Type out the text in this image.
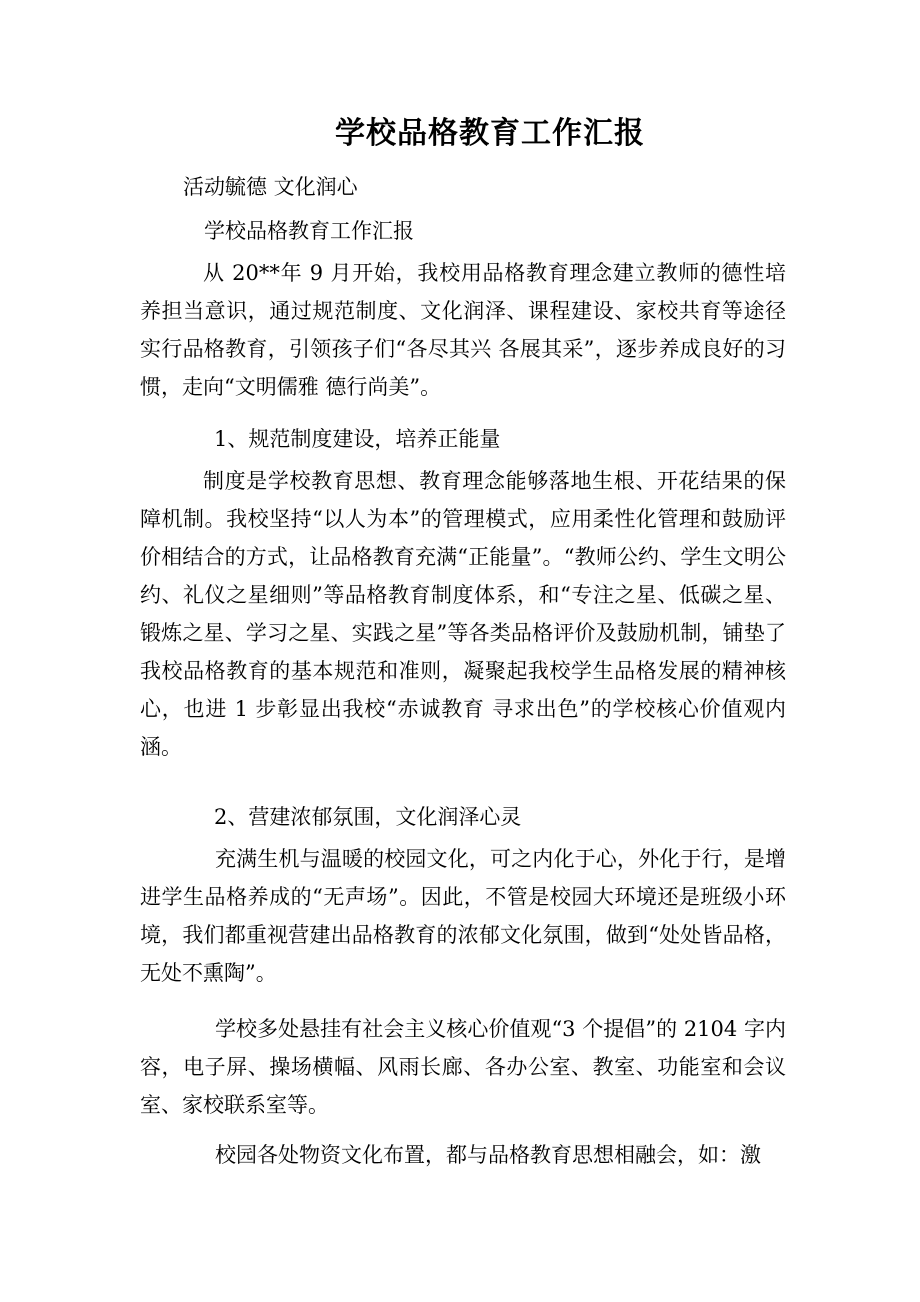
学校品格教育工作汇报
活动毓德 文化润心
学校品格教育工作汇报
从 20**年 9 月开始，我校用品格教育理念建立教师的德性培养担当意识，通过规范制度、文化润泽、课程建设、家校共育等途径实行品格教育，引领孩子们“各尽其兴 各展其采”，逐步养成良好的习惯，走向“文明儒雅 德行尚美”。
1、规范制度建设，培养正能量
制度是学校教育思想、教育理念能够落地生根、开花结果的保障机制。我校坚持“以人为本”的管理模式，应用柔性化管理和鼓励评价相结合的方式，让品格教育充满“正能量”。“教师公约、学生文明公约、礼仪之星细则”等品格教育制度体系，和“专注之星、低碳之星、锻炼之星、学习之星、实践之星”等各类品格评价及鼓励机制，铺垫了我校品格教育的基本规范和准则，凝聚起我校学生品格发展的精神核心，也进 1 步彰显出我校“赤诚教育 寻求出色”的学校核心价值观内涵。
2、营建浓郁氛围，文化润泽心灵
充满生机与温暖的校园文化，可之内化于心，外化于行，是增进学生品格养成的“无声场”。因此，不管是校园大环境还是班级小环境，我们都重视营建出品格教育的浓郁文化氛围，做到“处处皆品格，无处不熏陶”。
学校多处悬挂有社会主义核心价值观“3 个提倡”的 2104 字内容，电子屏、操场横幅、风雨长廊、各办公室、教室、功能室和会议室、家校联系室等。
校园各处物资文化布置，都与品格教育思想相融会，如：激
